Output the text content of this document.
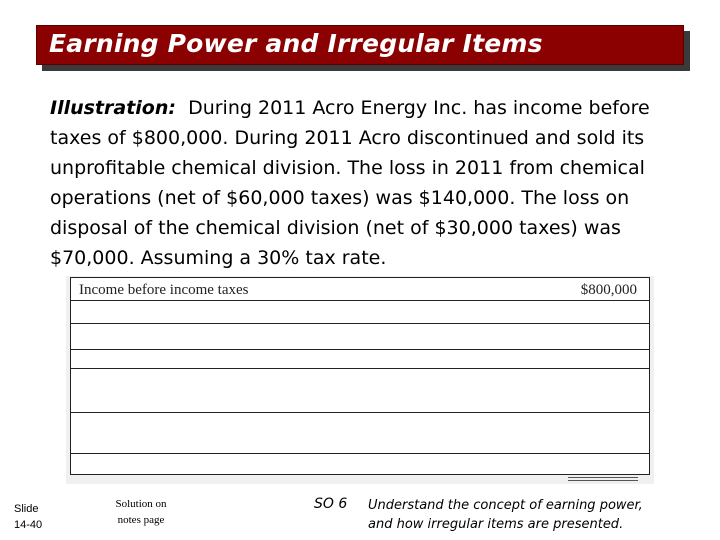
Earning Power and Irregular Items
Illustration: During 2011 Acro Energy Inc. has income before taxes of $800,000. During 2011 Acro discontinued and sold its unprofitable chemical division. The loss in 2011 from chemical operations (net of $60,000 taxes) was $140,000. The loss on disposal of the chemical division (net of $30,000 taxes) was $70,000. Assuming a 30% tax rate.
Income before income taxes	$800,000
Slide
14-40
Solution on
notes page
SO 6 Understand the concept of earning power,
and how irregular items are presented.
